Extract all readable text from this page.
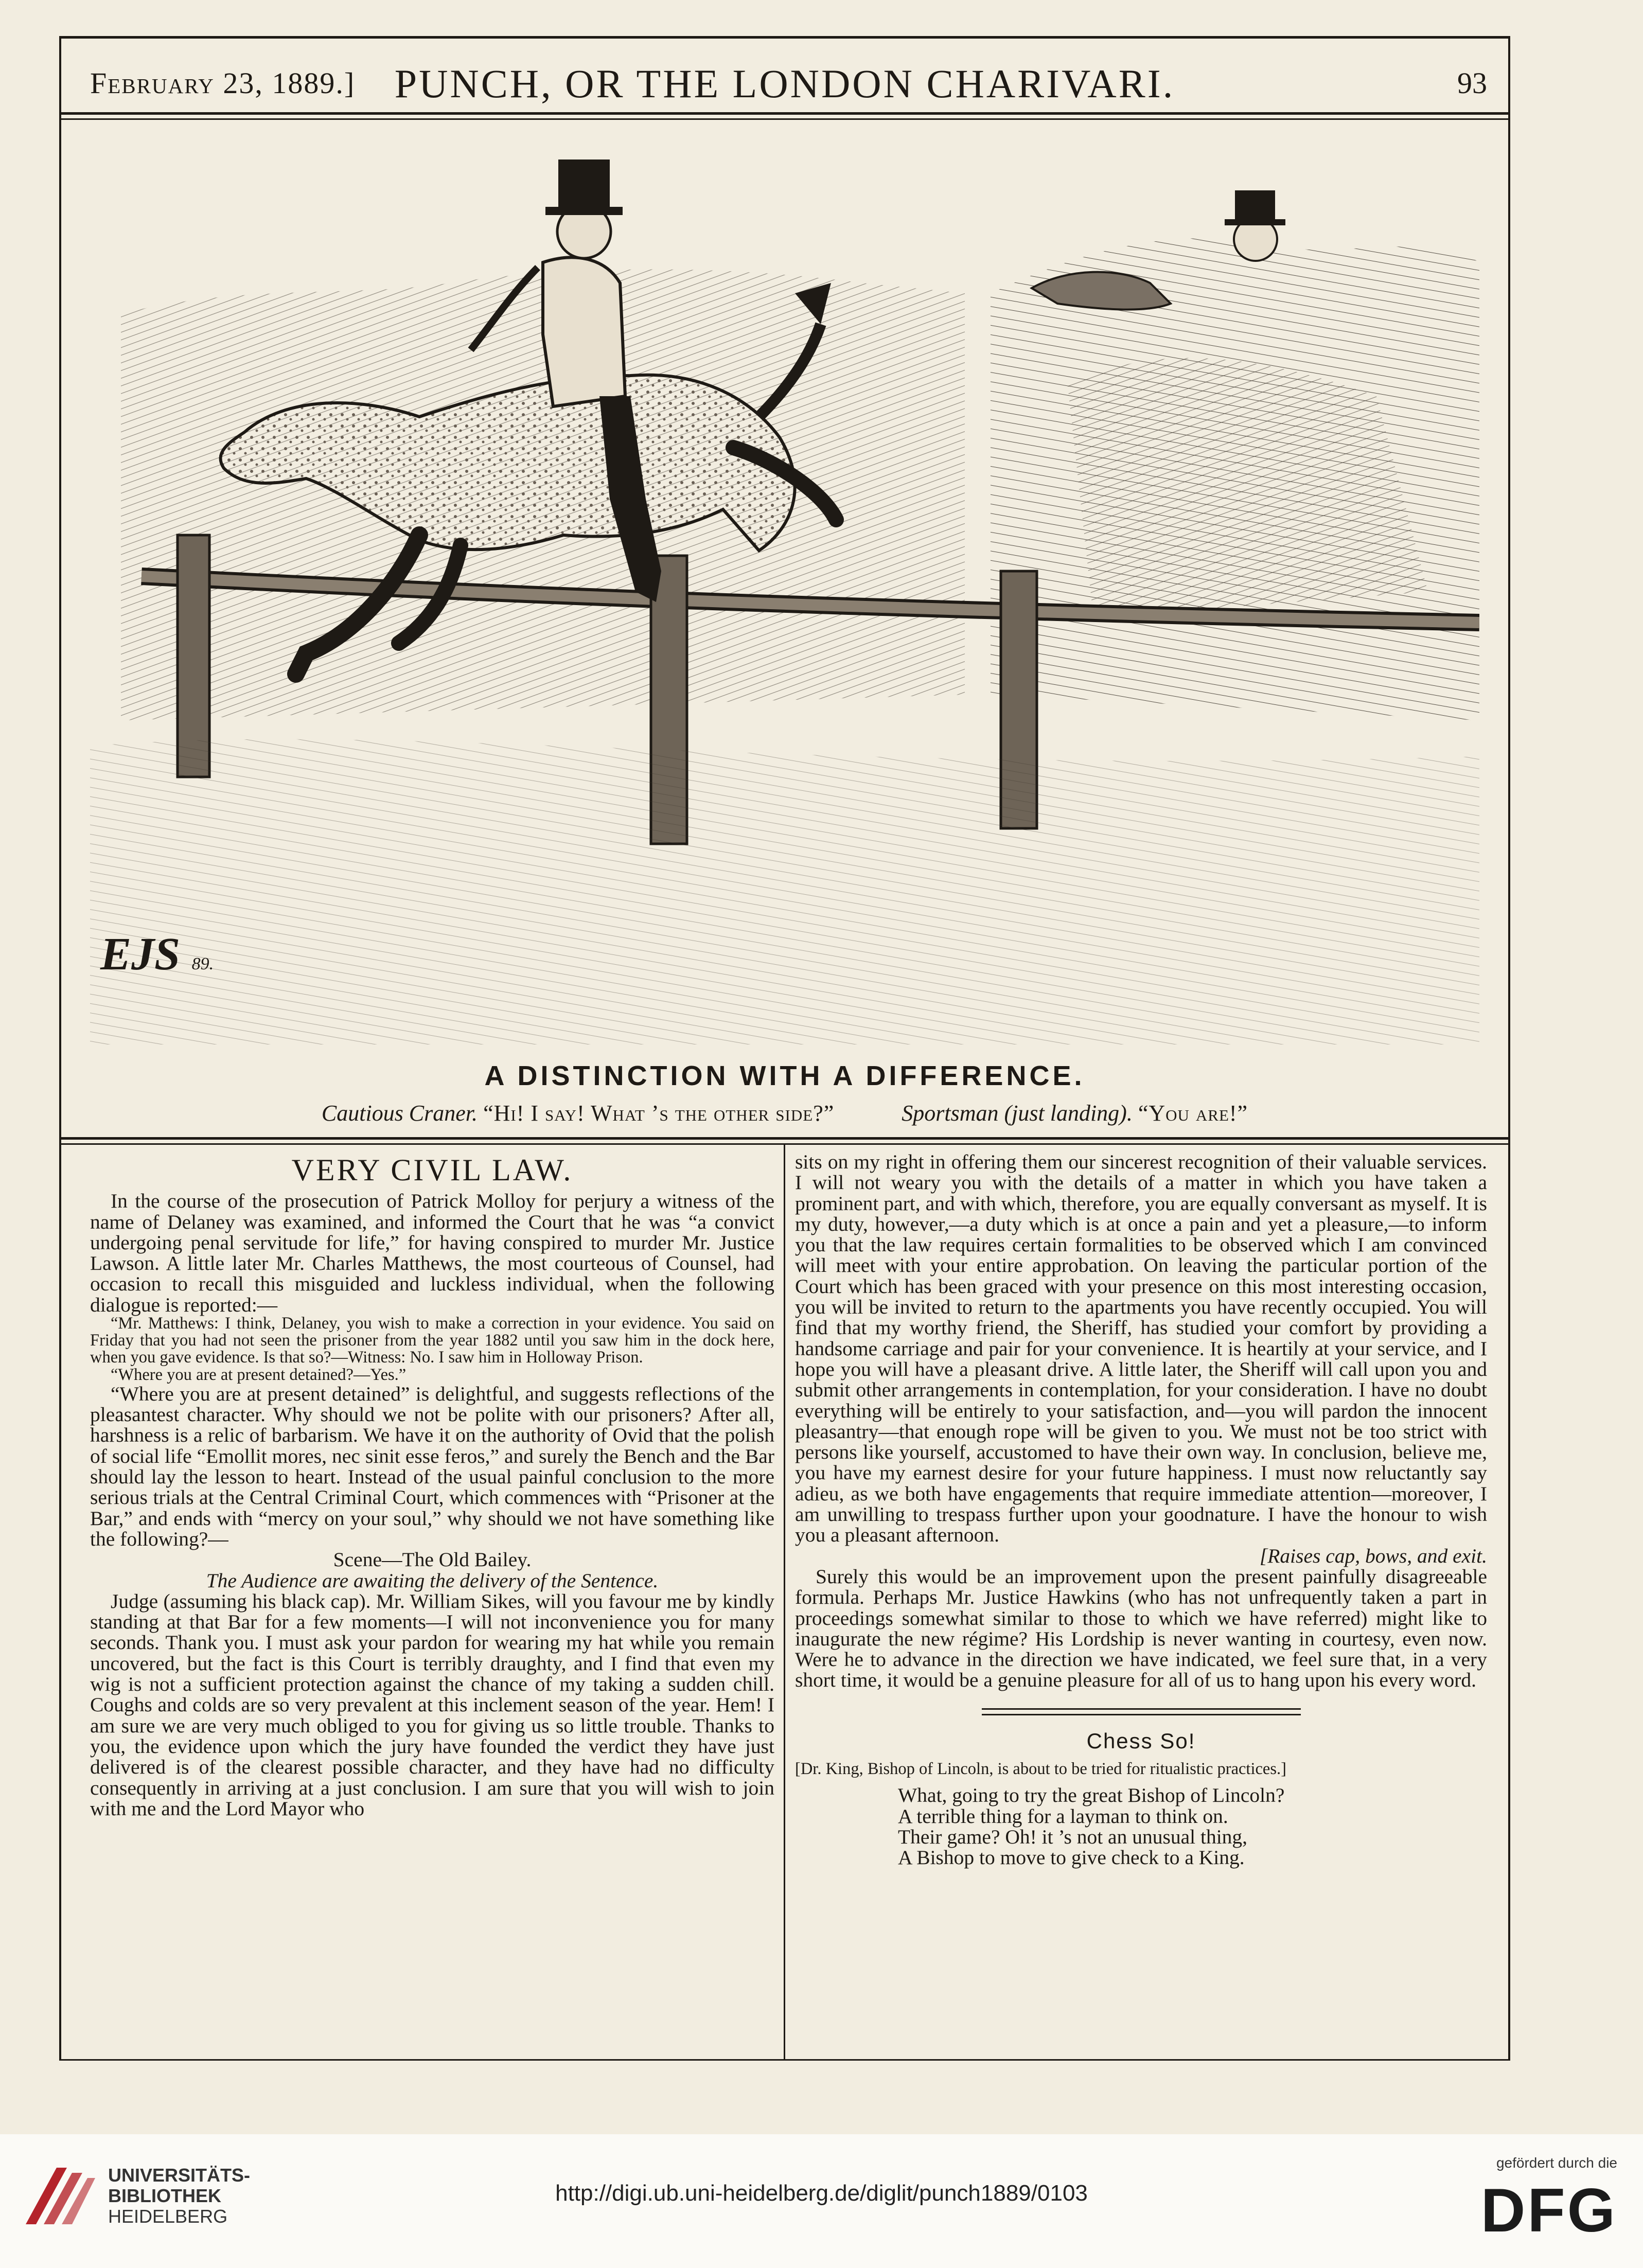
February 23, 1889.] PUNCH, OR THE LONDON CHARIVARI.	93
EJS 89.
A DISTINCTION WITH A DIFFERENCE.
Cautious Craner. “Hi! I say! What ’s the other side?”	Sportsman (just landing). “You are!”
VERY CIVIL LAW.

In the course of the prosecution of Patrick Molloy for perjury a witness of the name of Delaney was examined, and informed the Court that he was “a convict undergoing penal servitude for life,” for having conspired to murder Mr. Justice Lawson. A little later Mr. Charles Matthews, the most courteous of Counsel, had occasion to recall this misguided and luckless individual, when the following dialogue is reported:—

“Mr. Matthews: I think, Delaney, you wish to make a correction in your evidence. You said on Friday that you had not seen the prisoner from the year 1882 until you saw him in the dock here, when you gave evidence. Is that so?—Witness: No. I saw him in Holloway Prison.

“Where you are at present detained?—Yes.”

“Where you are at present detained” is delightful, and suggests reflections of the pleasantest character. Why should we not be polite with our prisoners? After all, harshness is a relic of barbarism. We have it on the authority of Ovid that the polish of social life “Emollit mores, nec sinit esse feros,” and surely the Bench and the Bar should lay the lesson to heart. Instead of the usual painful conclusion to the more serious trials at the Central Criminal Court, which commences with “Prisoner at the Bar,” and ends with “mercy on your soul,” why should we not have something like the following?—

Scene—The Old Bailey.

The Audience are awaiting the delivery of the Sentence.

Judge (assuming his black cap). Mr. William Sikes, will you favour me by kindly standing at that Bar for a few moments—I will not inconvenience you for many seconds. Thank you. I must ask your pardon for wearing my hat while you remain uncovered, but the fact is this Court is terribly draughty, and I find that even my wig is not a sufficient protection against the chance of my taking a sudden chill. Coughs and colds are so very prevalent at this inclement season of the year. Hem! I am sure we are very much obliged to you for giving us so little trouble. Thanks to you, the evidence upon which the jury have founded the verdict they have just delivered is of the clearest possible character, and they have had no difficulty consequently in arriving at a just conclusion. I am sure that you will wish to join with me and the Lord Mayor who

sits on my right in offering them our sincerest recognition of their valuable services. I will not weary you with the details of a matter in which you have taken a prominent part, and with which, therefore, you are equally conversant as myself. It is my duty, however,—a duty which is at once a pain and yet a pleasure,—to inform you that the law requires certain formalities to be observed which I am convinced will meet with your entire approbation. On leaving the particular portion of the Court which has been graced with your presence on this most interesting occasion, you will be invited to return to the apartments you have recently occupied. You will find that my worthy friend, the Sheriff, has studied your comfort by providing a handsome carriage and pair for your convenience. It is heartily at your service, and I hope you will have a pleasant drive. A little later, the Sheriff will call upon you and submit other arrangements in contemplation, for your consideration. I have no doubt everything will be entirely to your satisfaction, and—you will pardon the innocent pleasantry—that enough rope will be given to you. We must not be too strict with persons like yourself, accustomed to have their own way. In conclusion, believe me, you have my earnest desire for your future happiness. I must now reluctantly say adieu, as we both have engagements that require immediate attention—moreover, I am unwilling to trespass further upon your goodnature. I have the honour to wish you a pleasant afternoon.

[Raises cap, bows, and exit.

Surely this would be an improvement upon the present painfully disagreeable formula. Perhaps Mr. Justice Hawkins (who has not unfrequently taken a part in proceedings somewhat similar to those to which we have referred) might like to inaugurate the new régime? His Lordship is never wanting in courtesy, even now. Were he to advance in the direction we have indicated, we feel sure that, in a very short time, it would be a genuine pleasure for all of us to hang upon his every word.

Chess So!

[Dr. King, Bishop of Lincoln, is about to be tried for ritualistic practices.]

What, going to try the great Bishop of Lincoln?

A terrible thing for a layman to think on.

Their game? Oh! it ’s not an unusual thing,

A Bishop to move to give check to a King.

UNIVERSITÄTS-
BIBLIOTHEK
HEIDELBERG
http://digi.ub.uni-heidelberg.de/diglit/punch1889/0103
gefördert durch die
DFG
